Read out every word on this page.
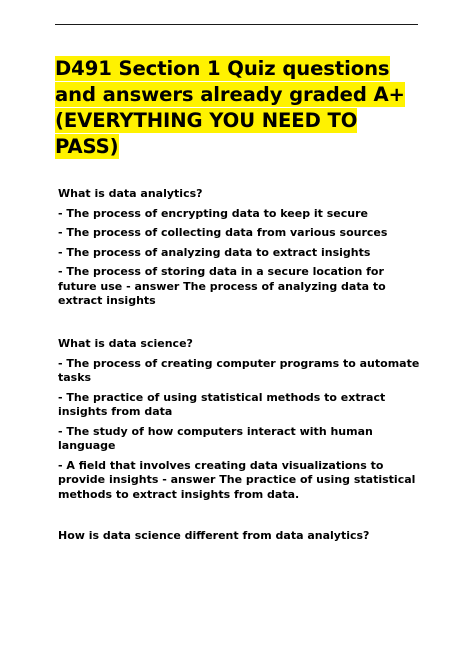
D491 Section 1 Quiz questions and answers already graded A+(EVERYTHING YOU NEED TO PASS)

What is data analytics?

- The process of encrypting data to keep it secure

- The process of collecting data from various sources

- The process of analyzing data to extract insights

- The process of storing data in a secure location for future use - answer The process of analyzing data to extract insights

What is data science?

- The process of creating computer programs to automate tasks

- The practice of using statistical methods to extract insights from data

- The study of how computers interact with human language

- A field that involves creating data visualizations to provide insights - answer The practice of using statistical methods to extract insights from data.

How is data science different from data analytics?
